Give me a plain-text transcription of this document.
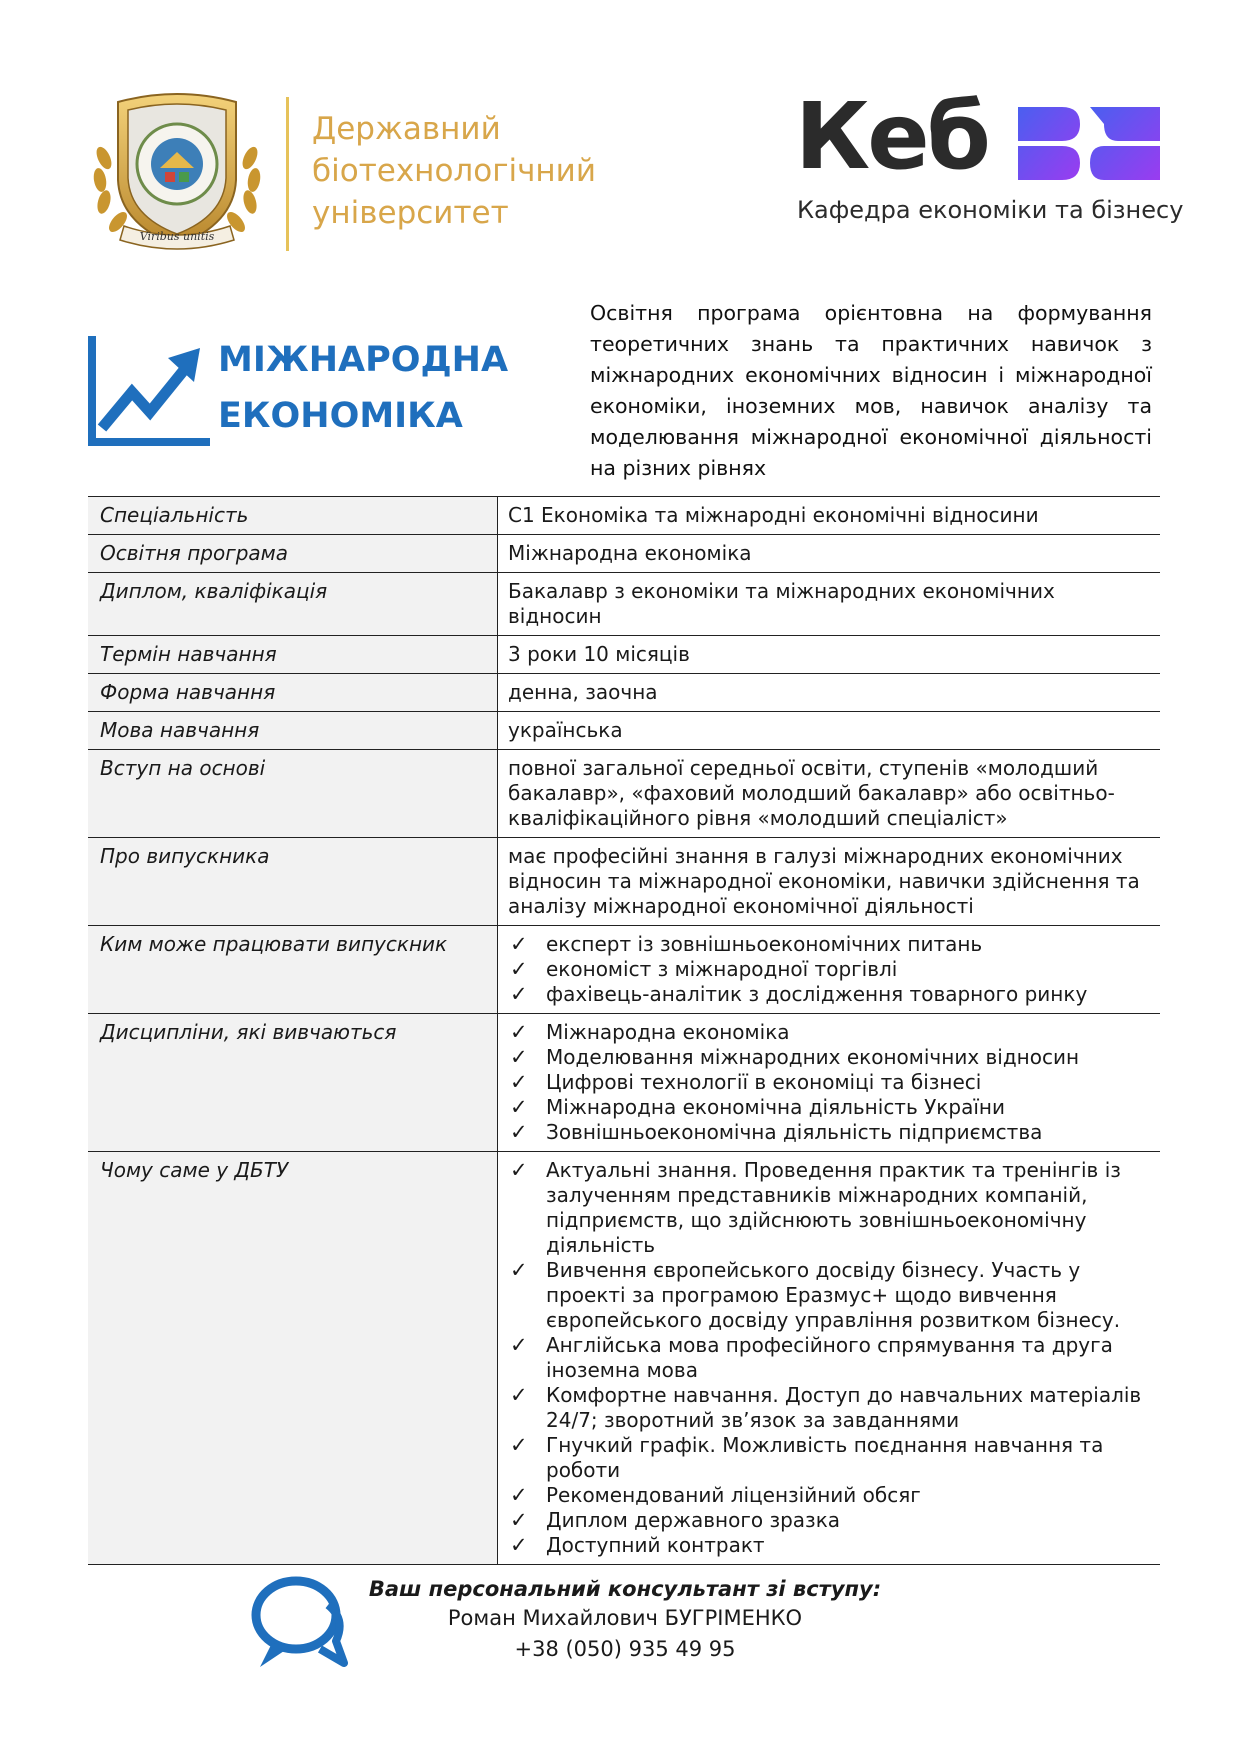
Viribus unitis
Державний біотехнологічний університет
Кеб
Кафедра економіки та бізнесу
МІЖНАРОДНА
ЕКОНОМІКА
Освітня програма орієнтовна на формування теоретичних знань та практичних навичок з міжнародних економічних відносин і міжнародної економіки, іноземних мов, навичок аналізу та моделювання міжнародної економічної діяльності на різних рівнях
Спеціальність	С1 Економіка та міжнародні економічні відносини
Освітня програма	Міжнародна економіка
Диплом, кваліфікація	Бакалавр з економіки та міжнародних економічних відносин
Термін навчання	3 роки 10 місяців
Форма навчання	денна, заочна
Мова навчання	українська
Вступ на основі	повної загальної середньої освіти, ступенів «молодший бакалавр», «фаховий молодший бакалавр» або освітньо-кваліфікаційного рівня «молодший спеціаліст»
Про випускника	має професійні знання в галузі міжнародних економічних відносин та міжнародної економіки, навички здійснення та аналізу міжнародної економічної діяльності
Ким може працювати випускник	✓ експерт із зовнішньоекономічних питань
✓ економіст з міжнародної торгівлі
✓ фахівець-аналітик з дослідження товарного ринку
Дисципліни, які вивчаються	✓ Міжнародна економіка
✓ Моделювання міжнародних економічних відносин
✓ Цифрові технології в економіці та бізнесі
✓ Міжнародна економічна діяльність України
✓ Зовнішньоекономічна діяльність підприємства
Чому саме у ДБТУ	✓ Актуальні знання. Проведення практик та тренінгів із залученням представників міжнародних компаній, підприємств, що здійснюють зовнішньоекономічну діяльність
✓ Вивчення європейського досвіду бізнесу. Участь у проекті за програмою Еразмус+ щодо вивчення європейського досвіду управління розвитком бізнесу.
✓ Англійська мова професійного спрямування та друга іноземна мова
✓ Комфортне навчання. Доступ до навчальних матеріалів 24/7; зворотний зв’язок за завданнями
✓ Гнучкий графік. Можливість поєднання навчання та роботи
✓ Рекомендований ліцензійний обсяг
✓ Диплом державного зразка
✓ Доступний контракт
Ваш персональний консультант зі вступу:
Роман Михайлович БУГРІМЕНКО
+38 (050) 935 49 95
